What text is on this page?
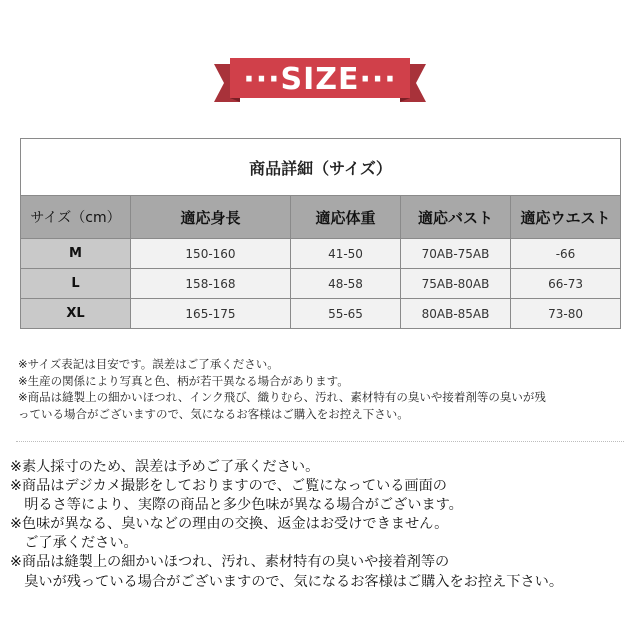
···SIZE···
商品詳細（サイズ）				
サイズ（cm）	適応身長	適応体重	適応バスト	適応ウエスト
M	150-160	41-50	70AB-75AB	-66
L	158-168	48-58	75AB-80AB	66-73
XL	165-175	55-65	80AB-85AB	73-80
※サイズ表記は目安です。誤差はご了承ください。
※生産の関係により写真と色、柄が若干異なる場合があります。
※商品は縫製上の細かいほつれ、インク飛び、織りむら、汚れ、素材特有の臭いや接着剤等の臭いが残
っている場合がございますので、気になるお客様はご購入をお控え下さい。
※素人採寸のため、誤差は予めご了承ください。
※商品はデジカメ撮影をしておりますので、ご覧になっている画面の
　明るさ等により、実際の商品と多少色味が異なる場合がございます。
※色味が異なる、臭いなどの理由の交換、返金はお受けできません。
　ご了承ください。
※商品は縫製上の細かいほつれ、汚れ、素材特有の臭いや接着剤等の
　臭いが残っている場合がございますので、気になるお客様はご購入をお控え下さい。
